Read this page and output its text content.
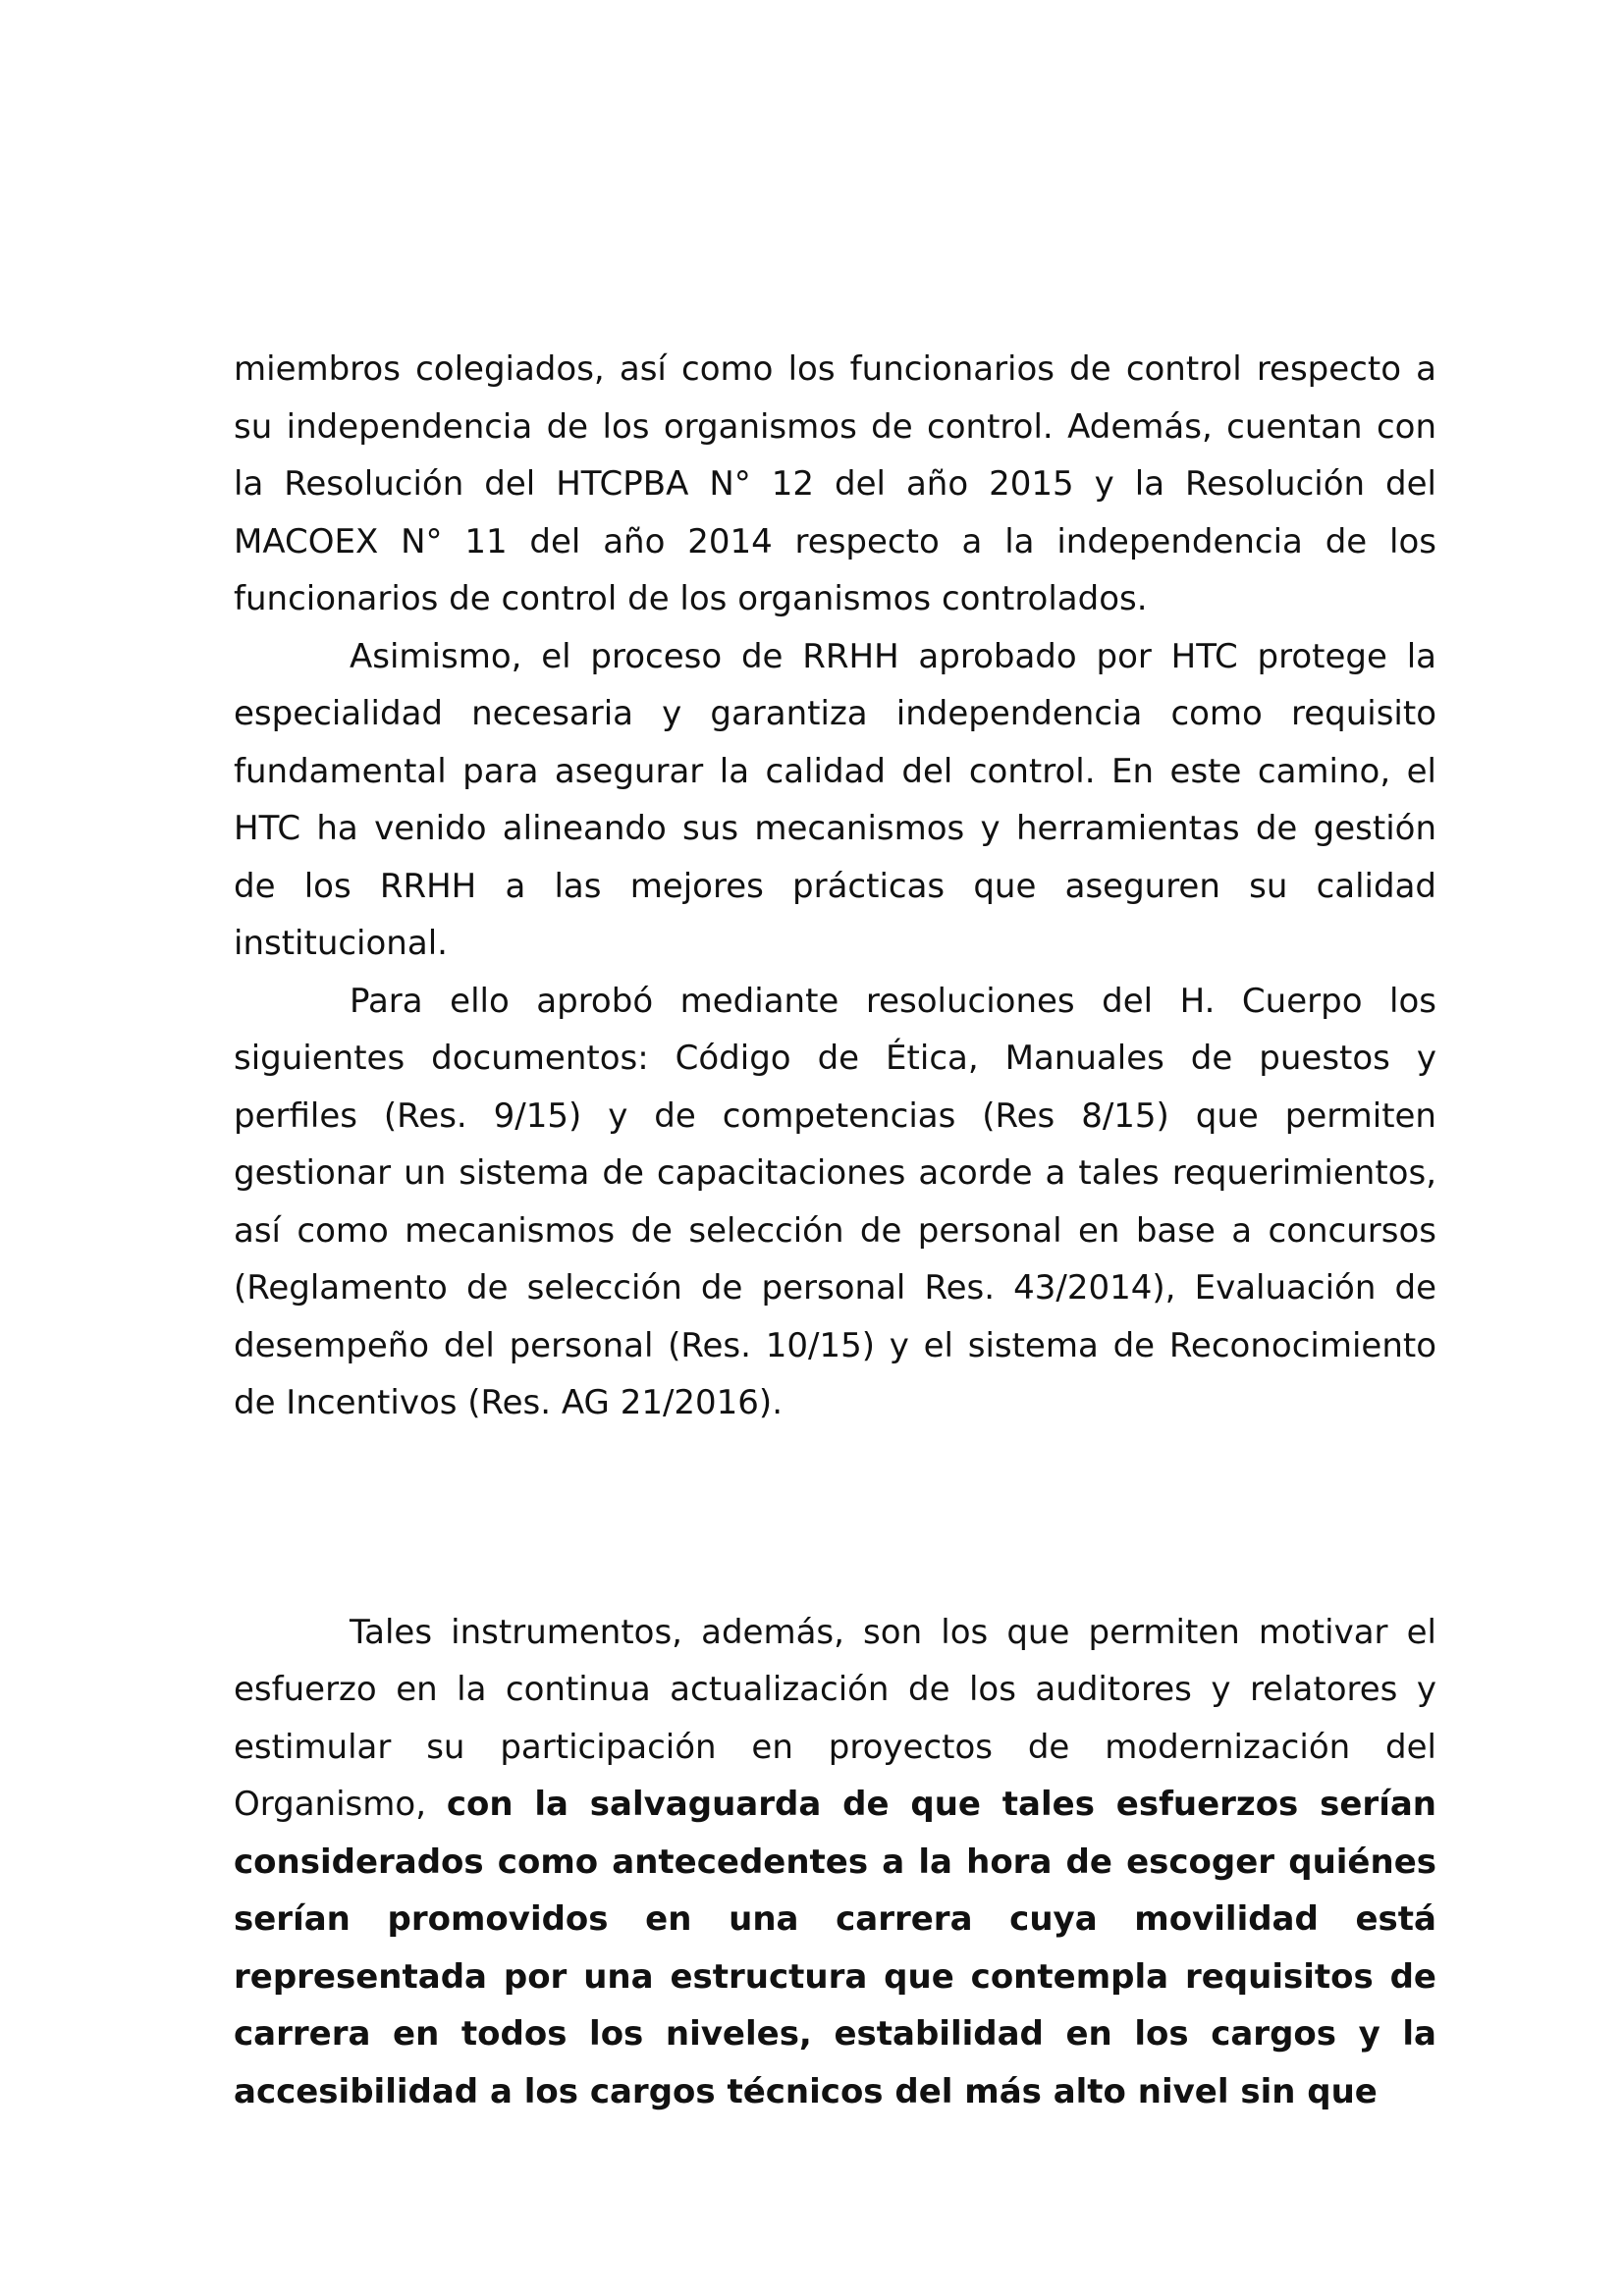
miembros colegiados, así como los funcionarios de control respecto a su independencia de los organismos de control. Además, cuentan con la Resolución del HTCPBA N° 12 del año 2015 y la Resolución del MACOEX N° 11 del año 2014 respecto a la independencia de los funcionarios de control de los organismos controlados.

Asimismo, el proceso de RRHH aprobado por HTC protege la especialidad necesaria y garantiza independencia como requisito fundamental para asegurar la calidad del control. En este camino, el HTC ha venido alineando sus mecanismos y herramientas de gestión de los RRHH a las mejores prácticas que aseguren su calidad institucional.

Para ello aprobó mediante resoluciones del H. Cuerpo los siguientes documentos: Código de Ética, Manuales de puestos y perfiles (Res. 9/15) y de competencias (Res 8/15) que permiten gestionar un sistema de capacitaciones acorde a tales requerimientos, así como mecanismos de selección de personal en base a concursos (Reglamento de selección de personal Res. 43/2014), Evaluación de desempeño del personal (Res. 10/15) y el sistema de Reconocimiento de Incentivos (Res. AG 21/2016).

Tales instrumentos, además, son los que permiten motivar el esfuerzo en la continua actualización de los auditores y relatores y estimular su participación en proyectos de modernización del Organismo, con la salvaguarda de que tales esfuerzos serían considerados como antecedentes a la hora de escoger quiénes serían promovidos en una carrera cuya movilidad está representada por una estructura que contempla requisitos de carrera en todos los niveles, estabilidad en los cargos y la accesibilidad a los cargos técnicos del más alto nivel sin que
